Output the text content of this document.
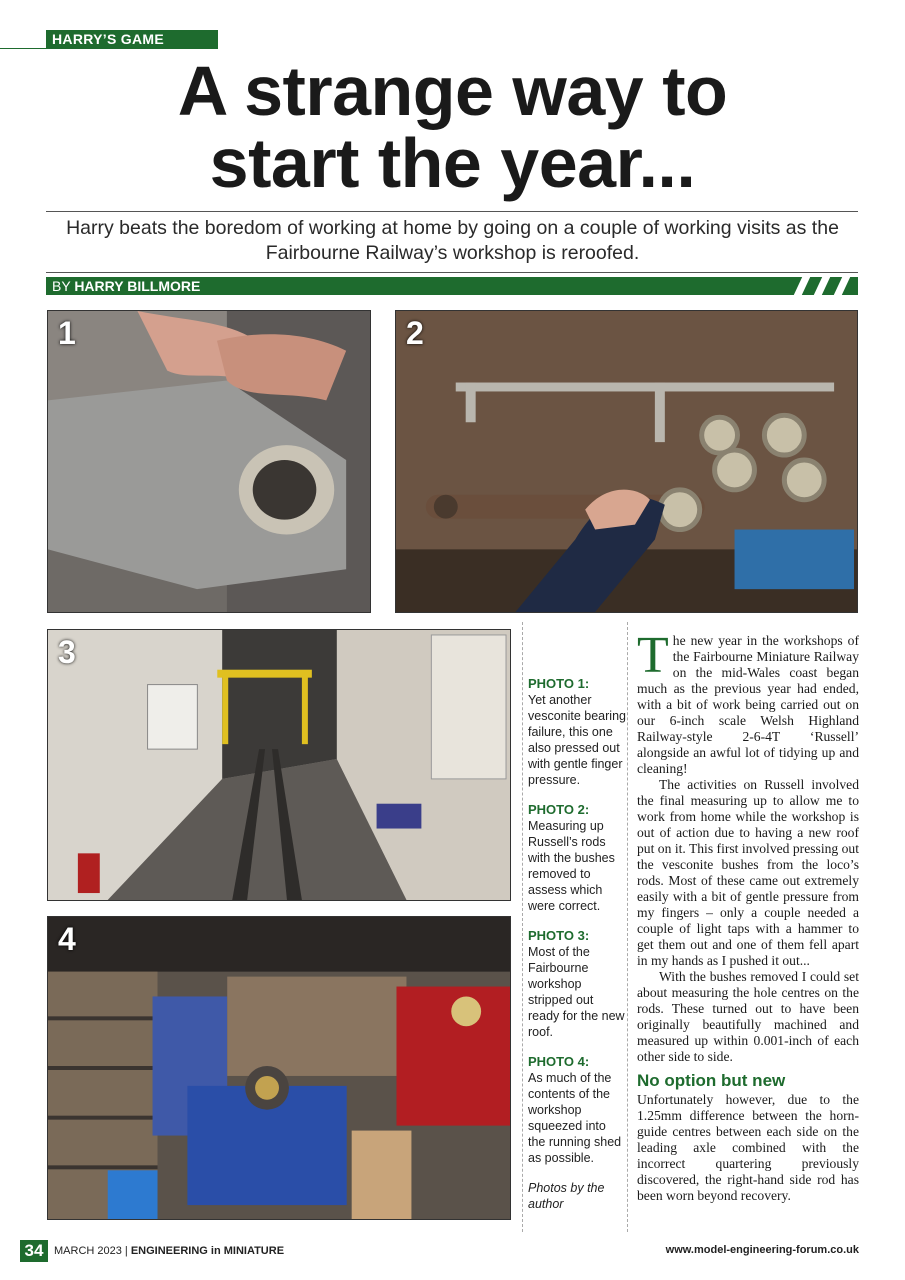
HARRY’S GAME
A strange way to
start the year...
Harry beats the boredom of working at home by going on a couple of working visits as the Fairbourne Railway’s workshop is reroofed.
BY HARRY BILLMORE
1	2
3
4
PHOTO 1:
Yet another vesconite bearing failure, this one also pressed out with gentle finger pressure.
PHOTO 2:
Measuring up Russell’s rods with the bushes removed to assess which were correct.
PHOTO 3:
Most of the Fairbourne workshop stripped out ready for the new roof.
PHOTO 4:
As much of the contents of the workshop squeezed into the running shed as possible.
Photos by the author

The new year in the workshops of the Fairbourne Miniature Railway on the mid-Wales coast began much as the previous year had ended, with a bit of work being carried out on our 6-inch scale Welsh Highland Railway-style 2-6-4T ‘Russell’ alongside an awful lot of tidying up and cleaning!

The activities on Russell involved the final measuring up to allow me to work from home while the workshop is out of action due to having a new roof put on it. This first involved pressing out the vesconite bushes from the loco’s rods. Most of these came out extremely easily with a bit of gentle pressure from my fingers – only a couple needed a couple of light taps with a hammer to get them out and one of them fell apart in my hands as I pushed it out...

With the bushes removed I could set about measuring the hole centres on the rods. These turned out to have been originally beautifully machined and measured up within 0.001-inch of each other side to side.

No option but new

Unfortunately however, due to the 1.25mm difference between the horn-guide centres between each side on the leading axle combined with the incorrect quartering previously discovered, the right-hand side rod has been worn beyond recovery.

34 MARCH 2023 | ENGINEERING in MINIATURE	www.model-engineering-forum.co.uk
